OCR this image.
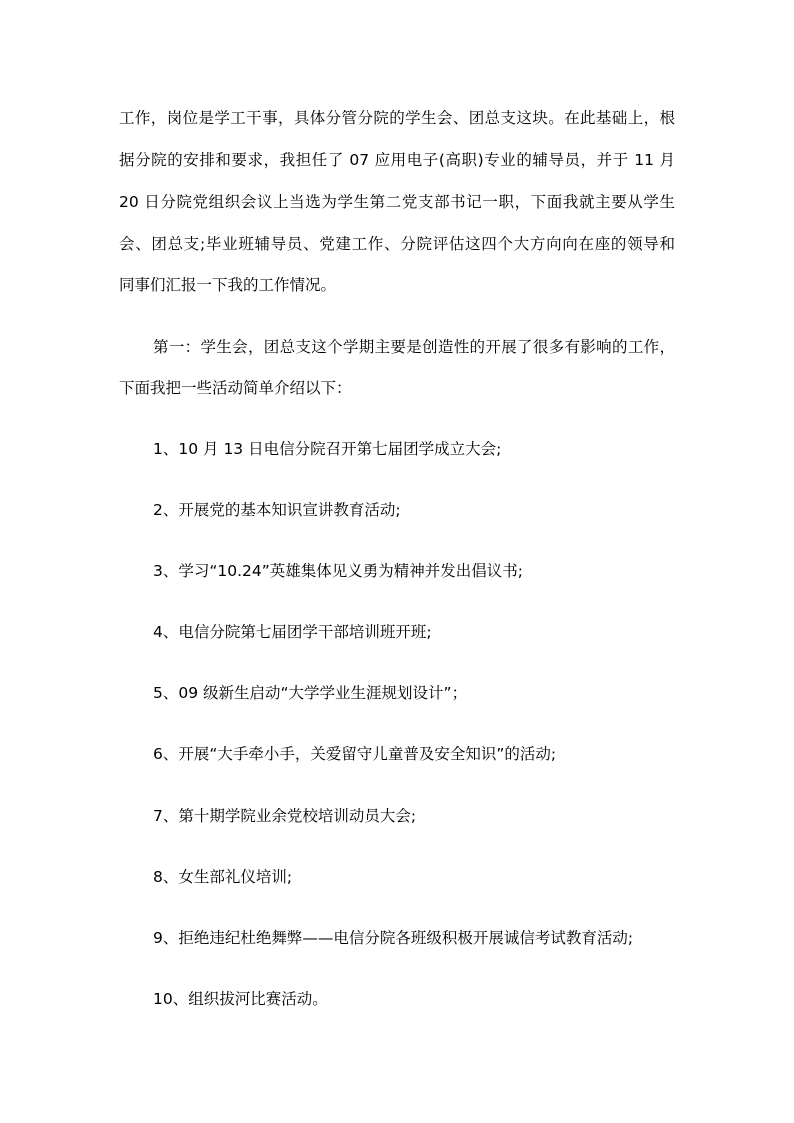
工作，岗位是学工干事，具体分管分院的学生会、团总支这块。在此基础上，根
据分院的安排和要求，我担任了 07 应用电子(高职)专业的辅导员，并于 11 月
20 日分院党组织会议上当选为学生第二党支部书记一职，下面我就主要从学生
会、团总支;毕业班辅导员、党建工作、分院评估这四个大方向向在座的领导和
同事们汇报一下我的工作情况。
第一：学生会，团总支这个学期主要是创造性的开展了很多有影响的工作，
下面我把一些活动简单介绍以下：
1、10 月 13 日电信分院召开第七届团学成立大会;
2、开展党的基本知识宣讲教育活动;
3、学习“10.24”英雄集体见义勇为精神并发出倡议书;
4、电信分院第七届团学干部培训班开班;
5、09 级新生启动“大学学业生涯规划设计”；
6、开展“大手牵小手，关爱留守儿童普及安全知识”的活动;
7、第十期学院业余党校培训动员大会;
8、女生部礼仪培训;
9、拒绝违纪杜绝舞弊——电信分院各班级积极开展诚信考试教育活动;
10、组织拔河比赛活动。
